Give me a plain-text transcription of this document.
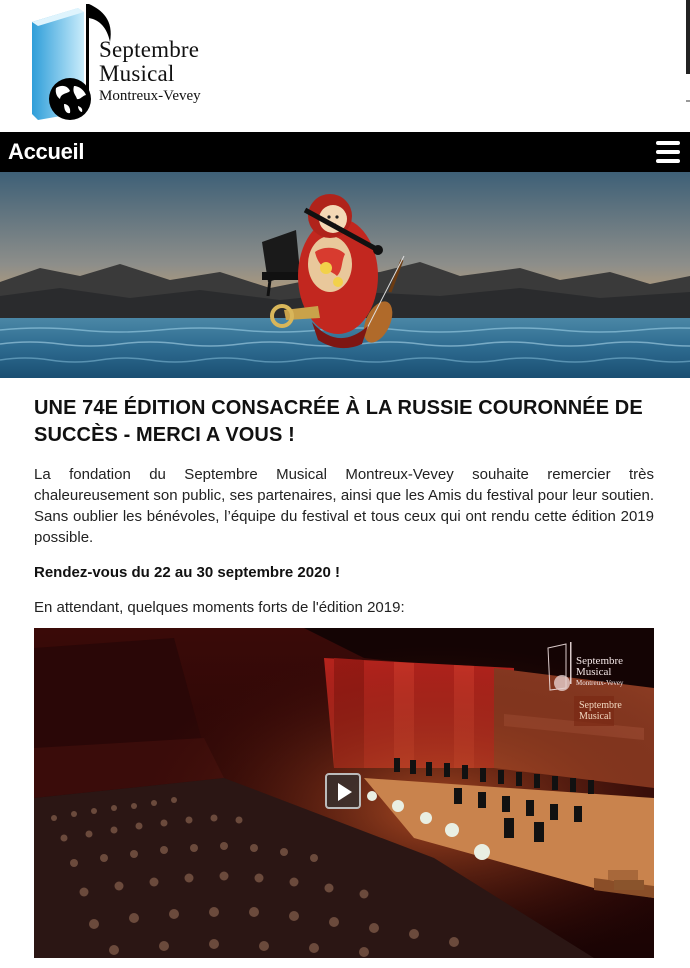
Septembre
Musical
Montreux-Vevey
Accueil
UNE 74E ÉDITION CONSACRÉE À LA RUSSIE COURONNÉE DE SUCCÈS - MERCI A VOUS !

La fondation du Septembre Musical Montreux-Vevey souhaite remercier très chaleureusement son public, ses partenaires, ainsi que les Amis du festival pour leur soutien. Sans oublier les bénévoles, l’équipe du festival et tous ceux qui ont rendu cette édition 2019 possible.

Rendez-vous du 22 au 30 septembre 2020 !

En attendant, quelques moments forts de l'édition 2019:

Septembre
Musical
Montreux-Vevey
Septembre
Musical
